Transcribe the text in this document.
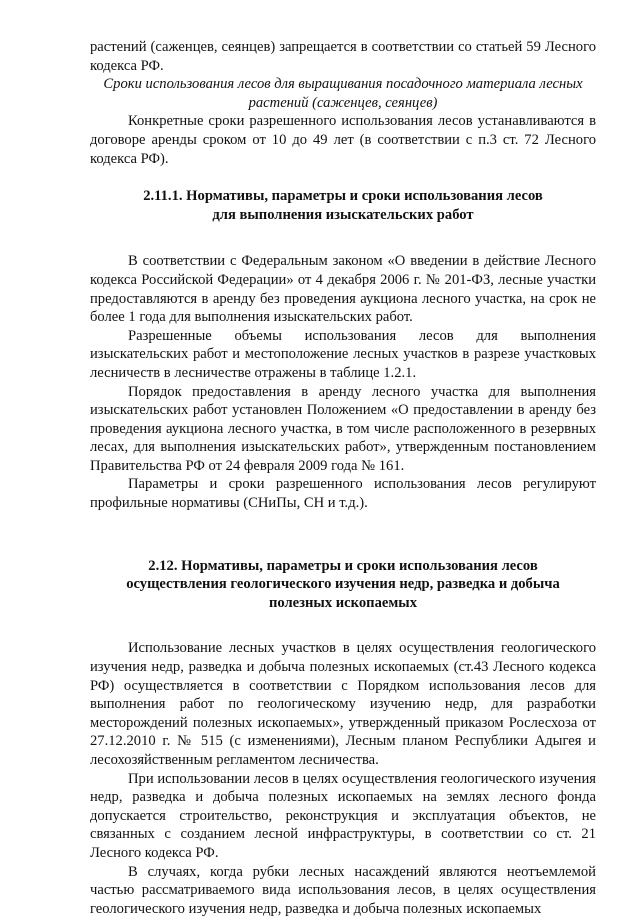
растений (саженцев, сеянцев) запрещается в соответствии со статьей 59 Лесного кодекса РФ.

Сроки использования лесов для выращивания посадочного материала лесных растений (саженцев, сеянцев)

Конкретные сроки разрешенного использования лесов устанавливаются в договоре аренды сроком от 10 до 49 лет (в соответствии с п.3 ст. 72 Лесного кодекса РФ).

2.11.1. Нормативы, параметры и сроки использования лесов
для выполнения изыскательских работ

В соответствии с Федеральным законом «О введении в действие Лесного кодекса Российской Федерации» от 4 декабря 2006 г. № 201-ФЗ, лесные участки предоставляются в аренду без проведения аукциона лесного участка, на срок не более 1 года для выполнения изыскательских работ.

Разрешенные объемы использования лесов для выполнения изыскательских работ и местоположение лесных участков в разрезе участковых лесничеств в лесничестве отражены в таблице 1.2.1.

Порядок предоставления в аренду лесного участка для выполнения изыскательских работ установлен Положением «О предоставлении в аренду без проведения аукциона лесного участка, в том числе расположенного в резервных лесах, для выполнения изыскательских работ», утвержденным постановлением Правительства РФ от 24 февраля 2009 года № 161.

Параметры и сроки разрешенного использования лесов регулируют профильные нормативы (СНиПы, СН и т.д.).

2.12. Нормативы, параметры и сроки использования лесов
осуществления геологического изучения недр, разведка и добыча
полезных ископаемых

Использование лесных участков в целях осуществления геологического изучения недр, разведка и добыча полезных ископаемых (ст.43 Лесного кодекса РФ) осуществляется в соответствии с Порядком использования лесов для выполнения работ по геологическому изучению недр, для разработки месторождений полезных ископаемых», утвержденный приказом Рослесхоза от 27.12.2010 г. № 515 (с изменениями), Лесным планом Республики Адыгея и лесохозяйственным регламентом лесничества.

При использовании лесов в целях осуществления геологического изучения недр, разведка и добыча полезных ископаемых на землях лесного фонда допускается строительство, реконструкция и эксплуатация объектов, не связанных с созданием лесной инфраструктуры, в соответствии со ст. 21 Лесного кодекса РФ.

В случаях, когда рубки лесных насаждений являются неотъемлемой частью рассматриваемого вида использования лесов, в целях осуществления геологического изучения недр, разведка и добыча полезных ископаемых
